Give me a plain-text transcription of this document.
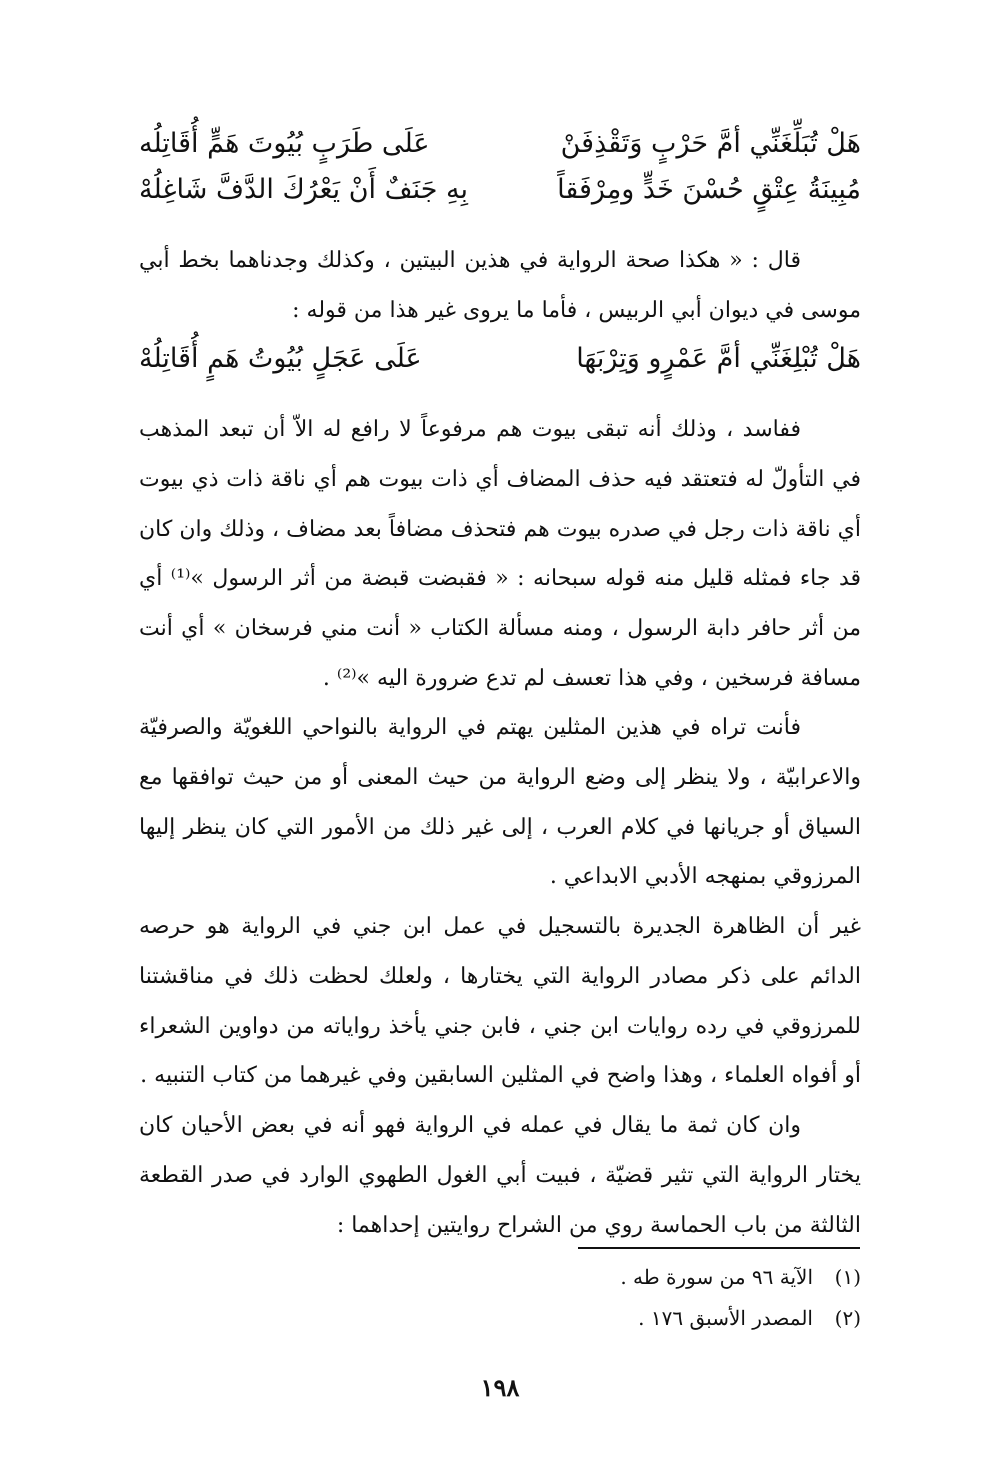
هَلْ تُبَلِّغَنِّي أمَّ حَرْبٍ وَتَقْذِفَنْ
عَلَى طَرَبٍ بُيُوتَ هَمٍّ أُقَاتِلُه
مُبِينَةُ عِتْقٍ حُسْنَ خَدٍّ ومِرْفَقاً
بِهِ جَنَفٌ أَنْ يَعْرُكَ الدَّفَّ شَاغِلُهْ

قال : « هكذا صحة الرواية في هذين البيتين ، وكذلك وجدناهما بخط أبي موسى في ديوان أبي الربيس ، فأما ما يروى غير هذا من قوله :

هَلْ تُبْلِغَنِّي أمَّ عَمْرٍو وَتِرْبَهَا
عَلَى عَجَلٍ بُيُوتُ هَمٍ أُقَاتِلُهْ

ففاسد ، وذلك أنه تبقى بيوت هم مرفوعاً لا رافع له الاّ أن تبعد المذهب في التأولّ له فتعتقد فيه حذف المضاف أي ذات بيوت هم أي ناقة ذات ذي بيوت أي ناقة ذات رجل في صدره بيوت هم فتحذف مضافاً بعد مضاف ، وذلك وان كان قد جاء فمثله قليل منه قوله سبحانه : « فقبضت قبضة من أثر الرسول »⁽¹⁾ أي من أثر حافر دابة الرسول ، ومنه مسألة الكتاب « أنت مني فرسخان » أي أنت مسافة فرسخين ، وفي هذا تعسف لم تدع ضرورة اليه »⁽²⁾ .

فأنت تراه في هذين المثلين يهتم في الرواية بالنواحي اللغويّة والصرفيّة والاعرابيّة ، ولا ينظر إلى وضع الرواية من حيث المعنى أو من حيث توافقها مع السياق أو جريانها في كلام العرب ، إلى غير ذلك من الأمور التي كان ينظر إليها المرزوقي بمنهجه الأدبي الابداعي .

غير أن الظاهرة الجديرة بالتسجيل في عمل ابن جني في الرواية هو حرصه الدائم على ذكر مصادر الرواية التي يختارها ، ولعلك لحظت ذلك في مناقشتنا للمرزوقي في رده روايات ابن جني ، فابن جني يأخذ رواياته من دواوين الشعراء أو أفواه العلماء ، وهذا واضح في المثلين السابقين وفي غيرهما من كتاب التنبيه .

وان كان ثمة ما يقال في عمله في الرواية فهو أنه في بعض الأحيان كان يختار الرواية التي تثير قضيّة ، فبيت أبي الغول الطهوي الوارد في صدر القطعة الثالثة من باب الحماسة روي من الشراح روايتين إحداهما :

(١)الآية ٩٦ من سورة طه .
(٢)المصدر الأسبق ١٧٦ .
١٩٨
